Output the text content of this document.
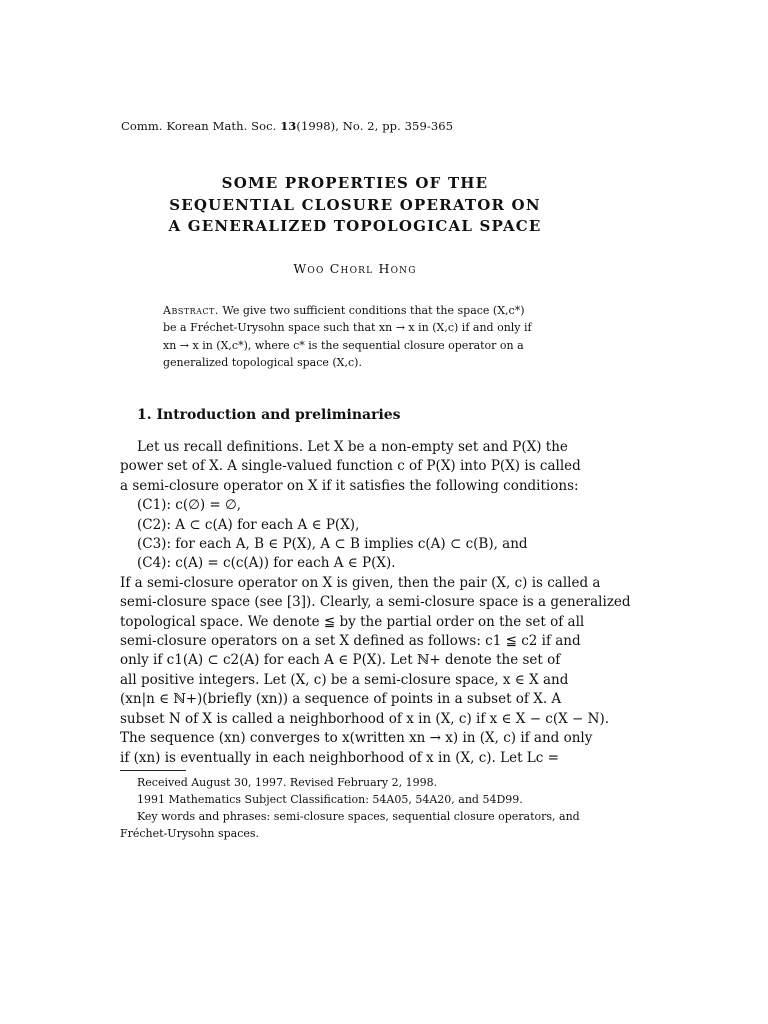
Comm. Korean Math. Soc. 13(1998), No. 2, pp. 359-365
SOME PROPERTIES OF THE
SEQUENTIAL CLOSURE OPERATOR ON
A GENERALIZED TOPOLOGICAL SPACE
Woo Chorl Hong
Abstract. We give two sufficient conditions that the space (X,c*)
be a Fréchet-Urysohn space such that xn → x in (X,c) if and only if
xn → x in (X,c*), where c* is the sequential closure operator on a
generalized topological space (X,c).
1. Introduction and preliminaries
Let us recall definitions. Let X be a non-empty set and P(X) the
power set of X. A single-valued function c of P(X) into P(X) is called
a semi-closure operator on X if it satisfies the following conditions:
(C1): c(∅) = ∅,
(C2): A ⊂ c(A) for each A ∈ P(X),
(C3): for each A, B ∈ P(X), A ⊂ B implies c(A) ⊂ c(B), and
(C4): c(A) = c(c(A)) for each A ∈ P(X).
If a semi-closure operator on X is given, then the pair (X, c) is called a
semi-closure space (see [3]). Clearly, a semi-closure space is a generalized
topological space. We denote ≦ by the partial order on the set of all
semi-closure operators on a set X defined as follows: c1 ≦ c2 if and
only if c1(A) ⊂ c2(A) for each A ∈ P(X). Let ℕ+ denote the set of
all positive integers. Let (X, c) be a semi-closure space, x ∈ X and
(xn|n ∈ ℕ+)(briefly (xn)) a sequence of points in a subset of X. A
subset N of X is called a neighborhood of x in (X, c) if x ∈ X − c(X − N).
The sequence (xn) converges to x(written xn → x) in (X, c) if and only
if (xn) is eventually in each neighborhood of x in (X, c). Let Lc =
Received August 30, 1997. Revised February 2, 1998.
1991 Mathematics Subject Classification: 54A05, 54A20, and 54D99.
Key words and phrases: semi-closure spaces, sequential closure operators, and
Fréchet-Urysohn spaces.
